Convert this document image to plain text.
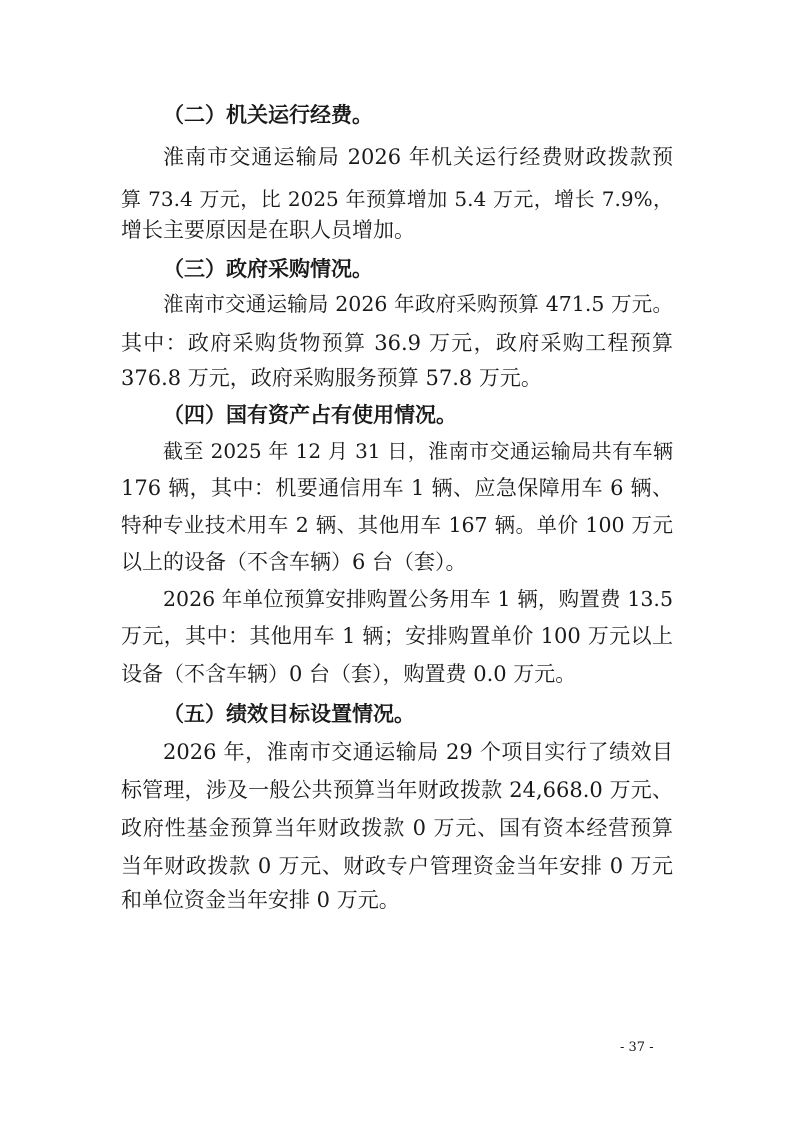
（二）机关运行经费。
淮南市交通运输局 2026 年机关运行经费财政拨款预
算 73.4 万元，比 2025 年预算增加 5.4 万元，增长 7.9%，
增长主要原因是在职人员增加。
（三）政府采购情况。
淮南市交通运输局 2026 年政府采购预算 471.5 万元。
其中：政府采购货物预算 36.9 万元，政府采购工程预算
376.8 万元，政府采购服务预算 57.8 万元。
（四）国有资产占有使用情况。
截至 2025 年 12 月 31 日，淮南市交通运输局共有车辆
176 辆，其中：机要通信用车 1 辆、应急保障用车 6 辆、
特种专业技术用车 2 辆、其他用车 167 辆。单价 100 万元
以上的设备（不含车辆）6 台（套）。
2026 年单位预算安排购置公务用车 1 辆，购置费 13.5
万元，其中：其他用车 1 辆；安排购置单价 100 万元以上
设备（不含车辆）0 台（套），购置费 0.0 万元。
（五）绩效目标设置情况。
2026 年，淮南市交通运输局 29 个项目实行了绩效目
标管理，涉及一般公共预算当年财政拨款 24,668.0 万元、
政府性基金预算当年财政拨款 0 万元、国有资本经营预算
当年财政拨款 0 万元、财政专户管理资金当年安排 0 万元
和单位资金当年安排 0 万元。
- 37 -
